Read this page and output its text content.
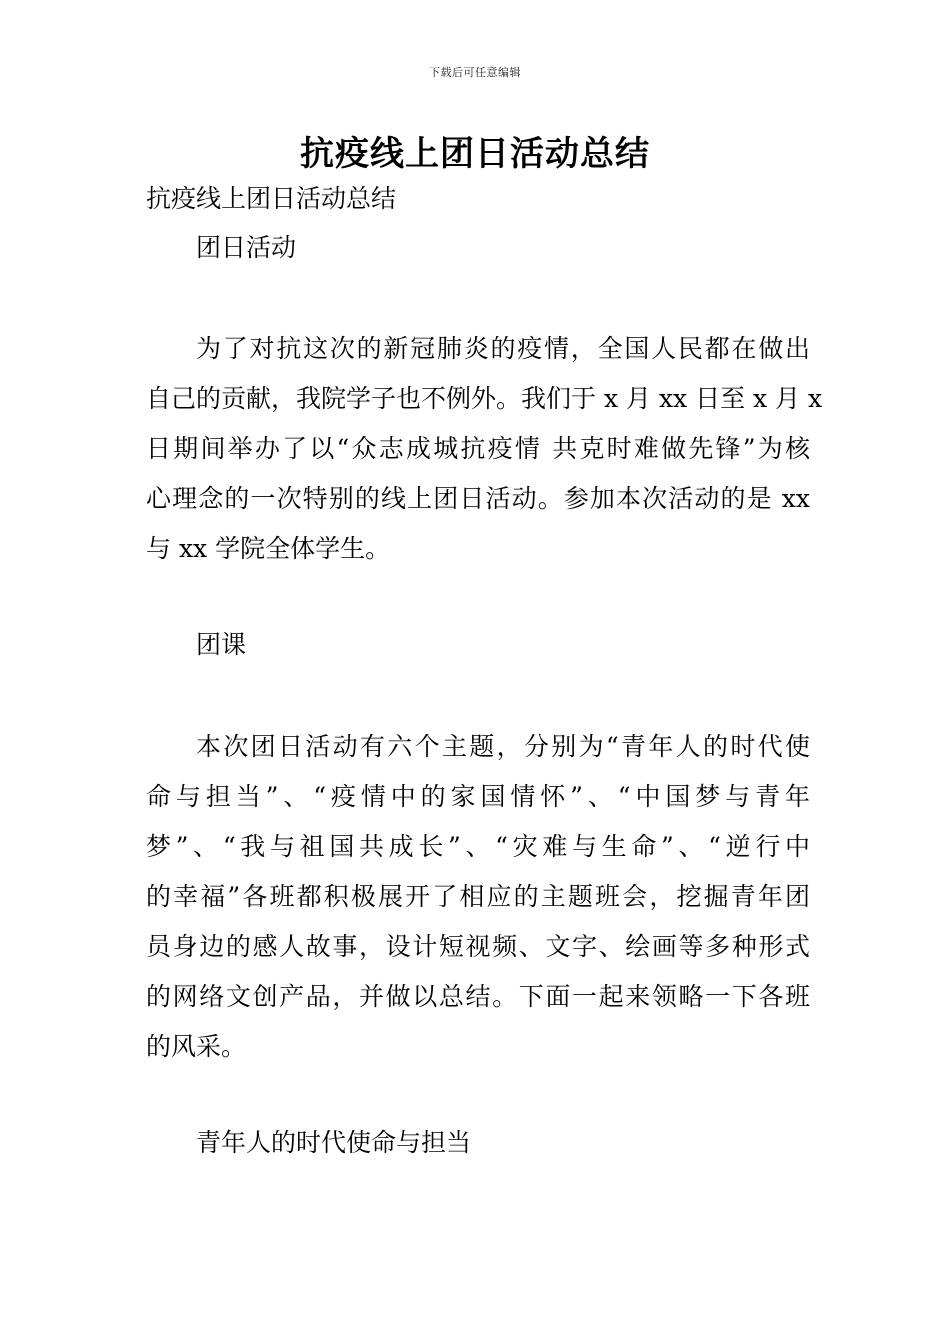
下载后可任意编辑
抗疫线上团日活动总结
抗疫线上团日活动总结
团日活动
为了对抗这次的新冠肺炎的疫情，全国人民都在做出
自己的贡献，我院学子也不例外。我们于 x 月 xx 日至 x 月 x
日期间举办了以“众志成城抗疫情 共克时难做先锋”为核
心理念的一次特别的线上团日活动。参加本次活动的是 xx
与 xx 学院全体学生。
团课
本次团日活动有六个主题，分别为“青年人的时代使
命与担当”、“疫情中的家国情怀”、“中国梦与青年
梦”、“我与祖国共成长”、“灾难与生命”、“逆行中
的幸福”各班都积极展开了相应的主题班会，挖掘青年团
员身边的感人故事，设计短视频、文字、绘画等多种形式
的网络文创产品，并做以总结。下面一起来领略一下各班
的风采。
青年人的时代使命与担当
